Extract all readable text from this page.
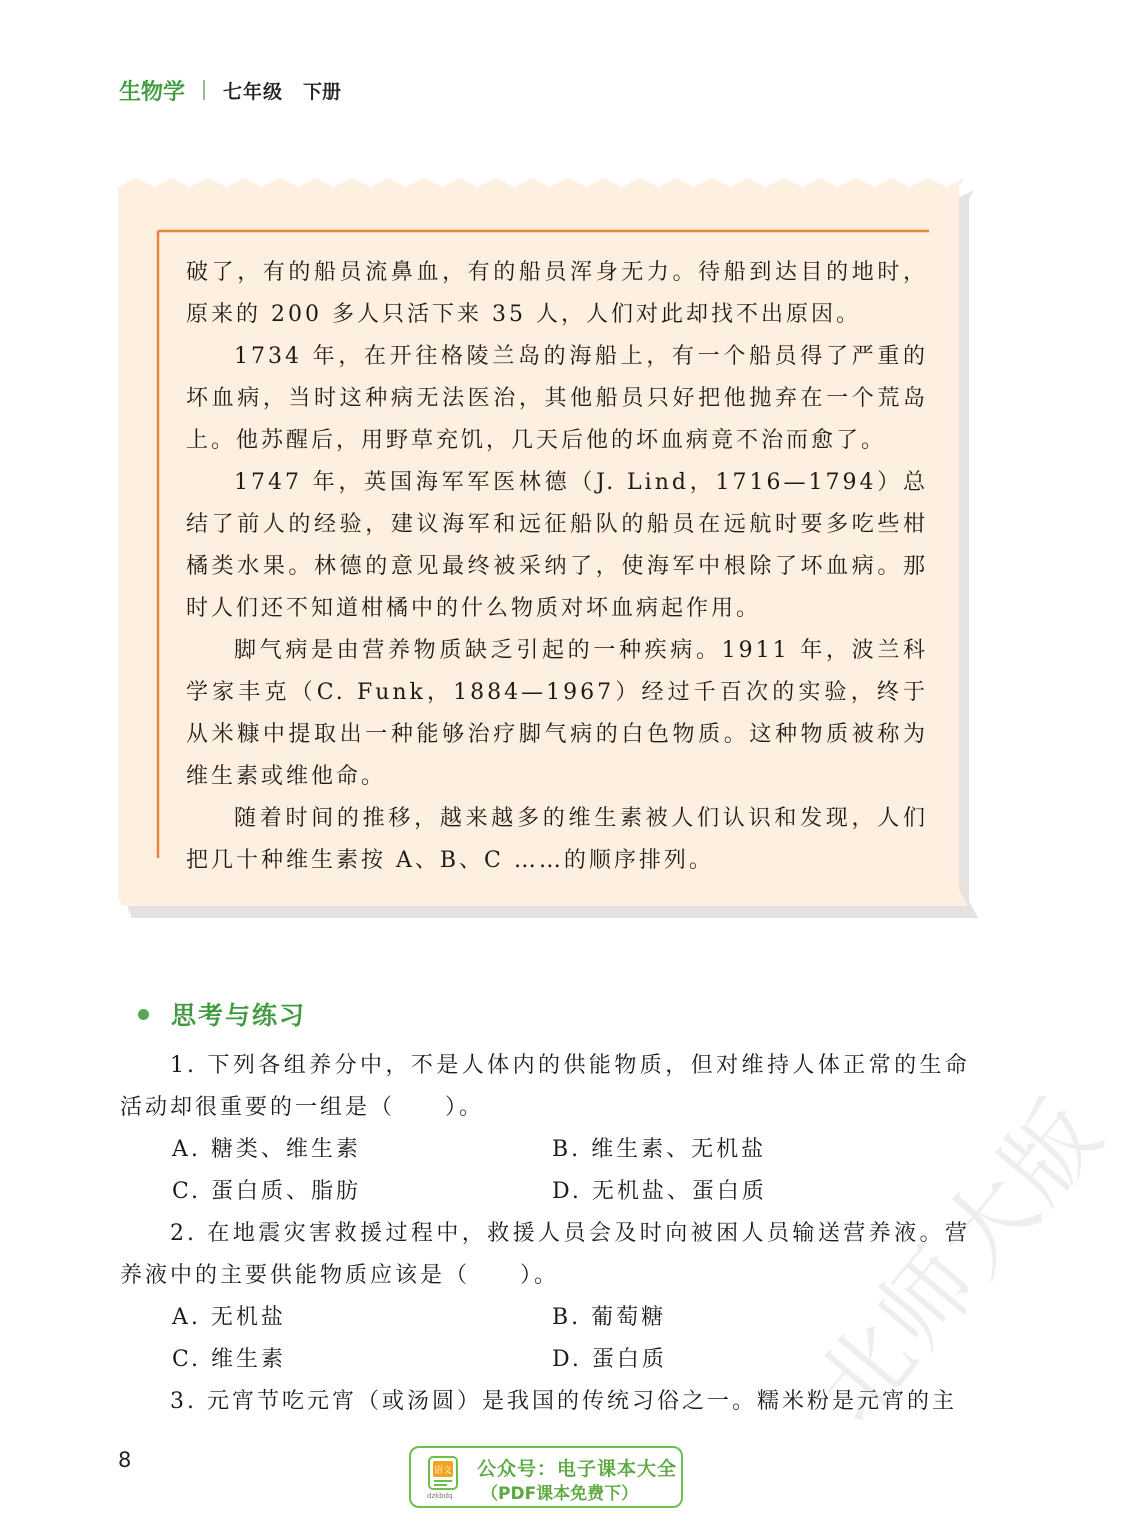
生物学 七年级 下册

破了，有的船员流鼻血，有的船员浑身无力。待船到达目的地时，原来的 200 多人只活下来 35 人，人们对此却找不出原因。

1734 年，在开往格陵兰岛的海船上，有一个船员得了严重的坏血病，当时这种病无法医治，其他船员只好把他抛弃在一个荒岛上。他苏醒后，用野草充饥，几天后他的坏血病竟不治而愈了。

1747 年，英国海军军医林德（J. Lind，1716—1794）总结了前人的经验，建议海军和远征船队的船员在远航时要多吃些柑橘类水果。林德的意见最终被采纳了，使海军中根除了坏血病。那时人们还不知道柑橘中的什么物质对坏血病起作用。

脚气病是由营养物质缺乏引起的一种疾病。1911 年，波兰科学家丰克（C. Funk，1884—1967）经过千百次的实验，终于从米糠中提取出一种能够治疗脚气病的白色物质。这种物质被称为维生素或维他命。

随着时间的推移，越来越多的维生素被人们认识和发现，人们把几十种维生素按 A、B、C ……的顺序排列。

思考与练习

1. 下列各组养分中，不是人体内的供能物质，但对维持人体正常的生命活动却很重要的一组是（　　）。

A. 糖类、维生素	B. 维生素、无机盐
C. 蛋白质、脂肪	D. 无机盐、蛋白质

2. 在地震灾害救援过程中，救援人员会及时向被困人员输送营养液。营养液中的主要供能物质应该是（　　）。

A. 无机盐	B. 葡萄糖
C. 维生素	D. 蛋白质

3. 元宵节吃元宵（或汤圆）是我国的传统习俗之一。糯米粉是元宵的主

8	语文
dzkbdq
公众号：电子课本大全
（PDF课本免费下）
北师大版
